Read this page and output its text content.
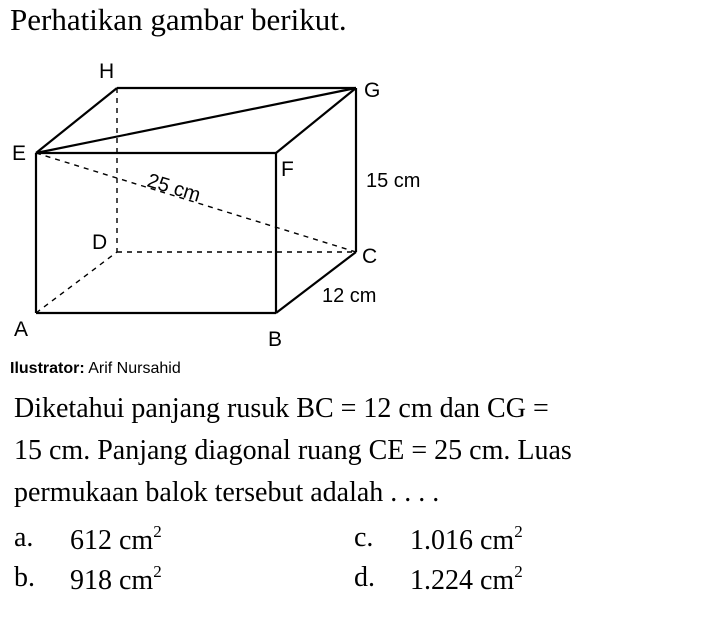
Perhatikan gambar berikut.
H
G
E
F
D
C
A	B
25 cm	15 cm
12 cm
Ilustrator: Arif Nursahid
Diketahui panjang rusuk BC = 12 cm dan CG =
15 cm. Panjang diagonal ruang CE = 25 cm. Luas
permukaan balok tersebut adalah . . . .
a. 612 $cm^2$
b. 918 $cm^2$
c. 1.016 $cm^2$
d. 1.224 $cm^2$
